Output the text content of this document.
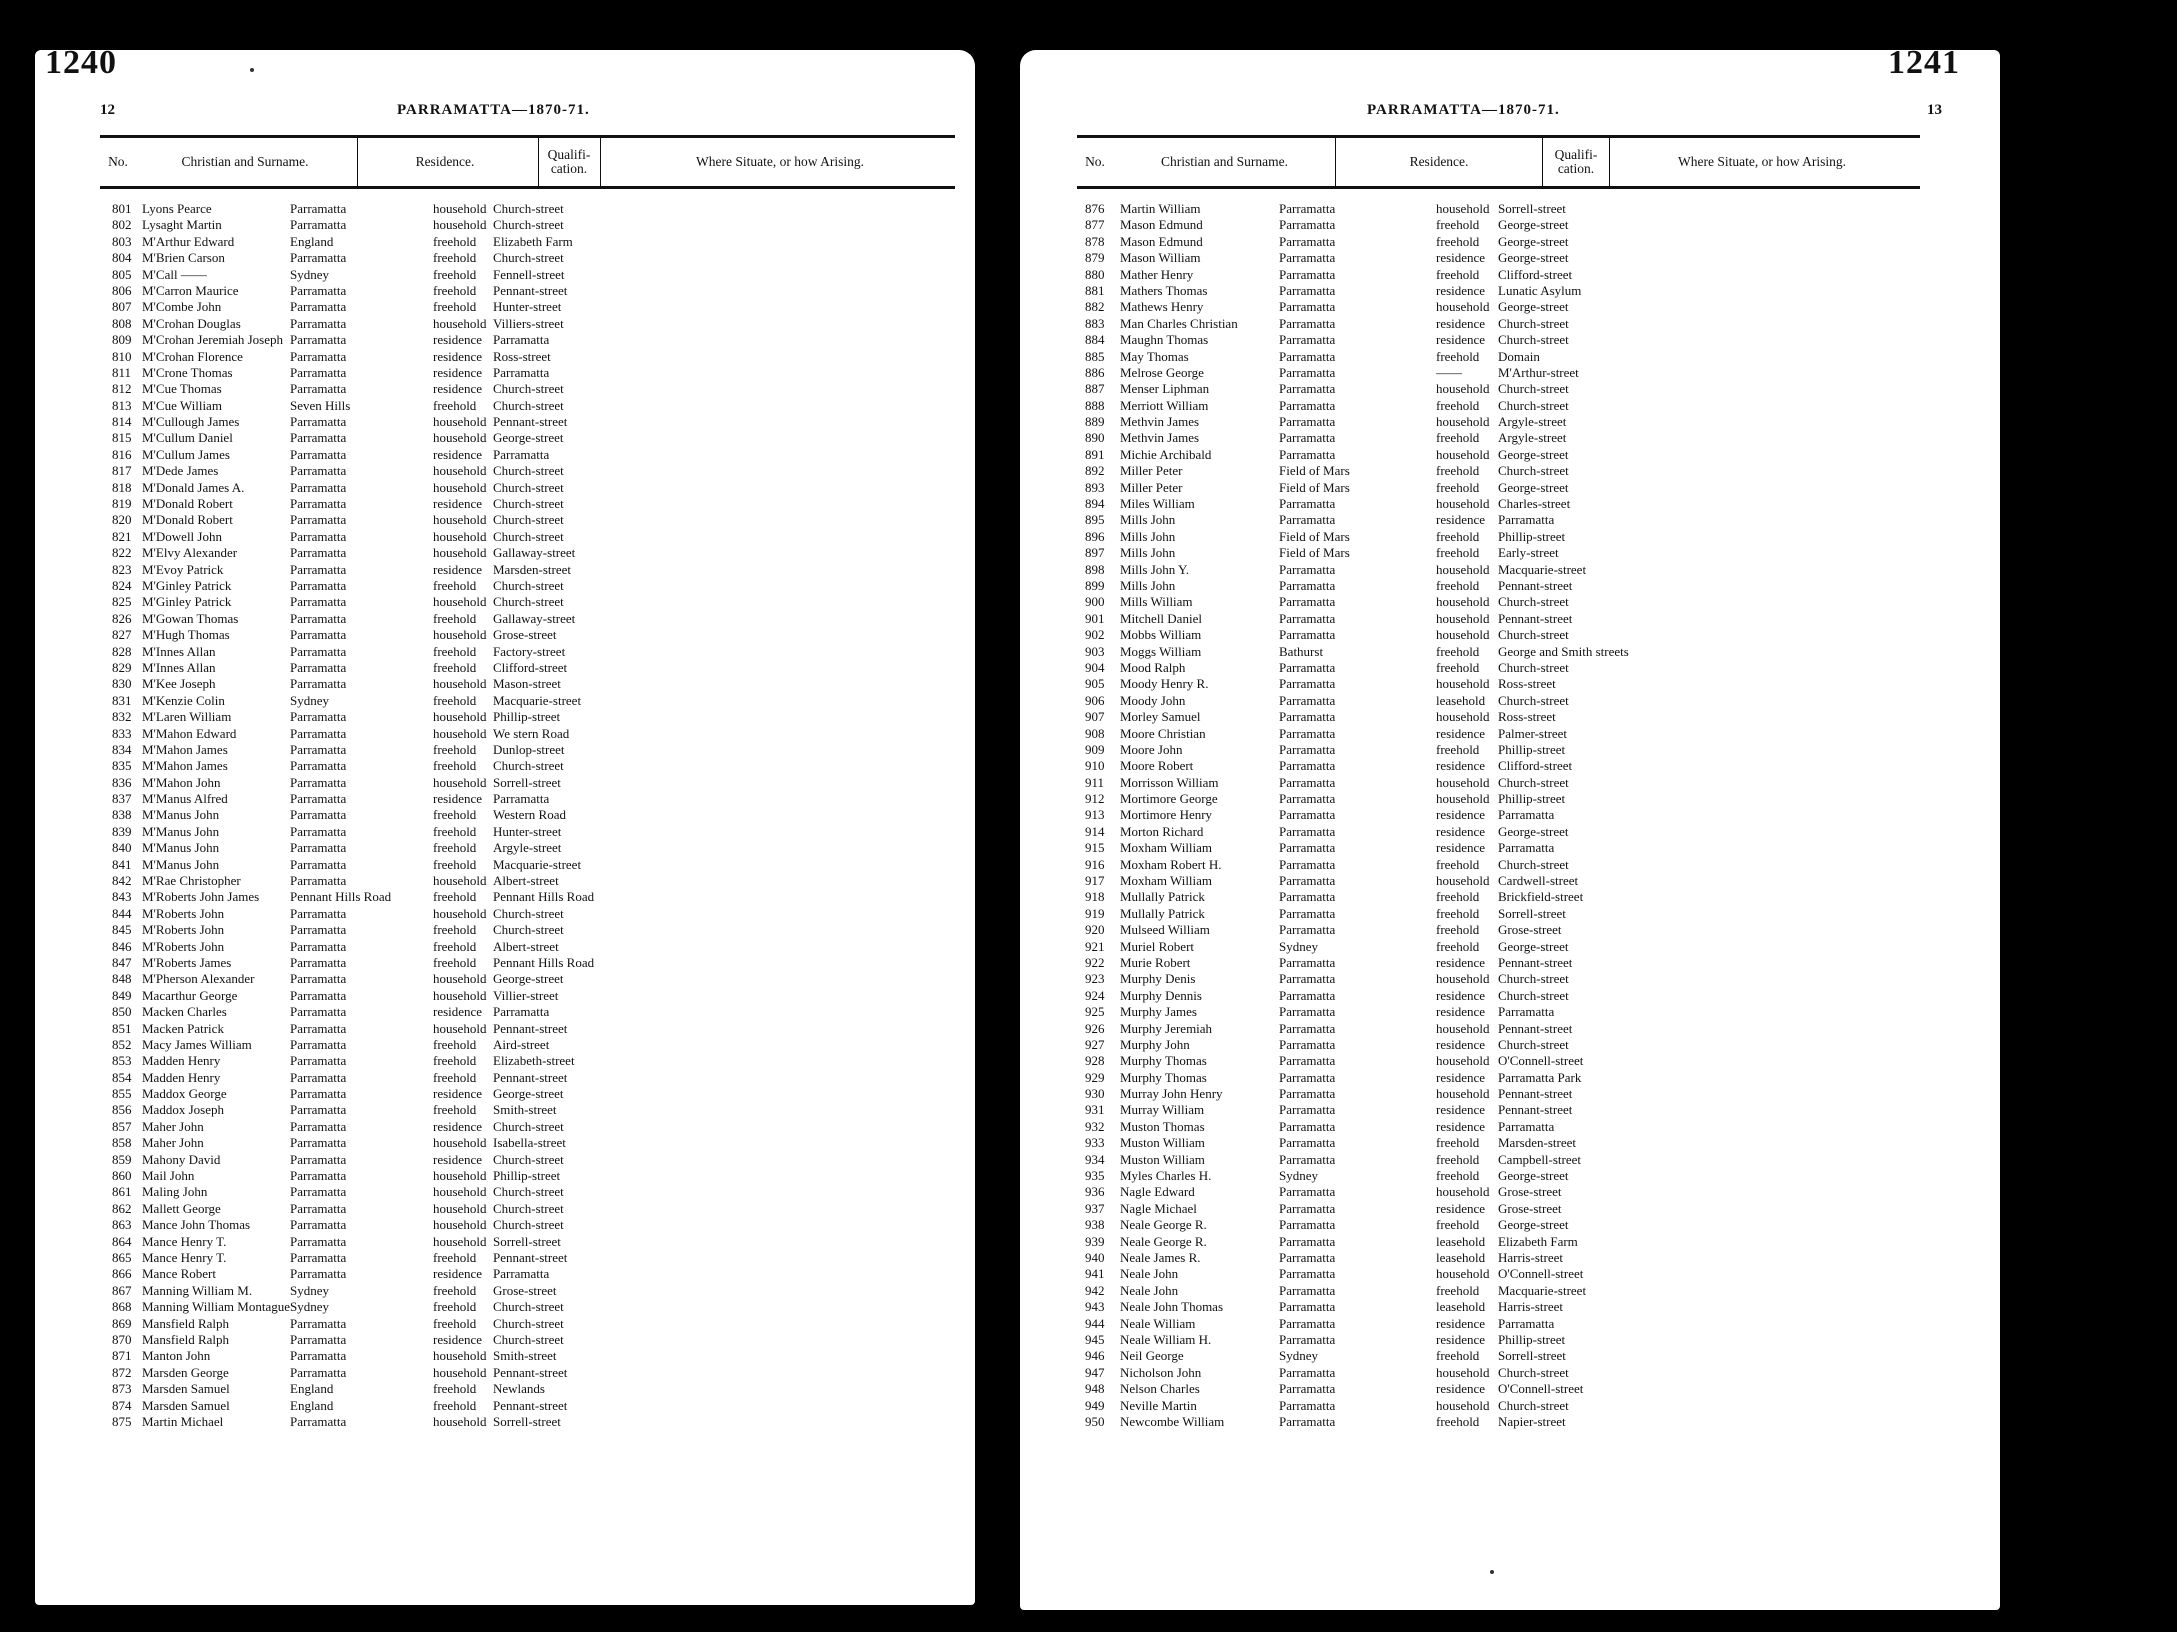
1240
12	PARRAMATTA—1870-71.
No.	Christian and Surname.	Residence.	Qualifi-cation.	Where Situate, or how Arising.
801 Lyons Pearce	Parramatta	household Church-street
802 Lysaght Martin	Parramatta	household Church-street
803 M'Arthur Edward	England	freehold Elizabeth Farm
804 M'Brien Carson	Parramatta	freehold Church-street
805 M'Call ——	Sydney	freehold Fennell-street
806 M'Carron Maurice	Parramatta	freehold Pennant-street
807 M'Combe John	Parramatta	freehold Hunter-street
808 M'Crohan Douglas	Parramatta	household Villiers-street
809 M'Crohan Jeremiah Joseph Parramatta	residence Parramatta
810 M'Crohan Florence	Parramatta	residence Ross-street
811 M'Crone Thomas	Parramatta	residence Parramatta
812 M'Cue Thomas	Parramatta	residence Church-street
813 M'Cue William	Seven Hills	freehold Church-street
814 M'Cullough James	Parramatta	household Pennant-street
815 M'Cullum Daniel	Parramatta	household George-street
816 M'Cullum James	Parramatta	residence Parramatta
817 M'Dede James	Parramatta	household Church-street
818 M'Donald James A.	Parramatta	household Church-street
819 M'Donald Robert	Parramatta	residence Church-street
820 M'Donald Robert	Parramatta	household Church-street
821 M'Dowell John	Parramatta	household Church-street
822 M'Elvy Alexander	Parramatta	household Gallaway-street
823 M'Evoy Patrick	Parramatta	residence Marsden-street
824 M'Ginley Patrick	Parramatta	freehold Church-street
825 M'Ginley Patrick	Parramatta	household Church-street
826 M'Gowan Thomas	Parramatta	freehold Gallaway-street
827 M'Hugh Thomas	Parramatta	household Grose-street
828 M'Innes Allan	Parramatta	freehold Factory-street
829 M'Innes Allan	Parramatta	freehold Clifford-street
830 M'Kee Joseph	Parramatta	household Mason-street
831 M'Kenzie Colin	Sydney	freehold Macquarie-street
832 M'Laren William	Parramatta	household Phillip-street
833 M'Mahon Edward	Parramatta	household We stern Road
834 M'Mahon James	Parramatta	freehold Dunlop-street
835 M'Mahon James	Parramatta	freehold Church-street
836 M'Mahon John	Parramatta	household Sorrell-street
837 M'Manus Alfred	Parramatta	residence Parramatta
838 M'Manus John	Parramatta	freehold Western Road
839 M'Manus John	Parramatta	freehold Hunter-street
840 M'Manus John	Parramatta	freehold Argyle-street
841 M'Manus John	Parramatta	freehold Macquarie-street
842 M'Rae Christopher	Parramatta	household Albert-street
843 M'Roberts John James Pennant Hills Road	freehold Pennant Hills Road
844 M'Roberts John	Parramatta	household Church-street
845 M'Roberts John	Parramatta	freehold Church-street
846 M'Roberts John	Parramatta	freehold Albert-street
847 M'Roberts James	Parramatta	freehold Pennant Hills Road
848 M'Pherson Alexander	Parramatta	household George-street
849 Macarthur George	Parramatta	household Villier-street
850 Macken Charles	Parramatta	residence Parramatta
851 Macken Patrick	Parramatta	household Pennant-street
852 Macy James William	Parramatta	freehold Aird-street
853 Madden Henry	Parramatta	freehold Elizabeth-street
854 Madden Henry	Parramatta	freehold Pennant-street
855 Maddox George	Parramatta	residence George-street
856 Maddox Joseph	Parramatta	freehold Smith-street
857 Maher John	Parramatta	residence Church-street
858 Maher John	Parramatta	household Isabella-street
859 Mahony David	Parramatta	residence Church-street
860 Mail John	Parramatta	household Phillip-street
861 Maling John	Parramatta	household Church-street
862 Mallett George	Parramatta	household Church-street
863 Mance John Thomas	Parramatta	household Church-street
864 Mance Henry T.	Parramatta	household Sorrell-street
865 Mance Henry T.	Parramatta	freehold Pennant-street
866 Mance Robert	Parramatta	residence Parramatta
867 Manning William M.	Sydney	freehold Grose-street
868 Manning William Montague Sydney	freehold Church-street
869 Mansfield Ralph	Parramatta	freehold Church-street
870 Mansfield Ralph	Parramatta	residence Church-street
871 Manton John	Parramatta	household Smith-street
872 Marsden George	Parramatta	household Pennant-street
873 Marsden Samuel	England	freehold Newlands
874 Marsden Samuel	England	freehold Pennant-street
875 Martin Michael	Parramatta	household Sorrell-street
1241
13
PARRAMATTA—1870-71.
No.	Christian and Surname.	Residence.	Qualifi-cation.	Where Situate, or how Arising.
876 Martin William	Parramatta	household Sorrell-street
877 Mason Edmund	Parramatta	freehold George-street
878 Mason Edmund	Parramatta	freehold George-street
879 Mason William	Parramatta	residence George-street
880 Mather Henry	Parramatta	freehold Clifford-street
881 Mathers Thomas	Parramatta	residence Lunatic Asylum
882 Mathews Henry	Parramatta	household George-street
883 Man Charles Christian	Parramatta	residence Church-street
884 Maughn Thomas	Parramatta	residence Church-street
885 May Thomas	Parramatta	freehold Domain
886 Melrose George	Parramatta	——	M'Arthur-street
887 Menser Liphman	Parramatta	household Church-street
888 Merriott William	Parramatta	freehold Church-street
889 Methvin James	Parramatta	household Argyle-street
890 Methvin James	Parramatta	freehold Argyle-street
891 Michie Archibald	Parramatta	household George-street
892 Miller Peter	Field of Mars	freehold Church-street
893 Miller Peter	Field of Mars	freehold George-street
894 Miles William	Parramatta	household Charles-street
895 Mills John	Parramatta	residence Parramatta
896 Mills John	Field of Mars	freehold Phillip-street
897 Mills John	Field of Mars	freehold Early-street
898 Mills John Y.	Parramatta	household Macquarie-street
899 Mills John	Parramatta	freehold Pennant-street
900 Mills William	Parramatta	household Church-street
901 Mitchell Daniel	Parramatta	household Pennant-street
902 Mobbs William	Parramatta	household Church-street
903 Moggs William	Bathurst	freehold George and Smith streets
904 Mood Ralph	Parramatta	freehold Church-street
905 Moody Henry R.	Parramatta	household Ross-street
906 Moody John	Parramatta	leasehold Church-street
907 Morley Samuel	Parramatta	household Ross-street
908 Moore Christian	Parramatta	residence Palmer-street
909 Moore John	Parramatta	freehold Phillip-street
910 Moore Robert	Parramatta	residence Clifford-street
911 Morrisson William	Parramatta	household Church-street
912 Mortimore George	Parramatta	household Phillip-street
913 Mortimore Henry	Parramatta	residence Parramatta
914 Morton Richard	Parramatta	residence George-street
915 Moxham William	Parramatta	residence Parramatta
916 Moxham Robert H.	Parramatta	freehold Church-street
917 Moxham William	Parramatta	household Cardwell-street
918 Mullally Patrick	Parramatta	freehold Brickfield-street
919 Mullally Patrick	Parramatta	freehold Sorrell-street
920 Mulseed William	Parramatta	freehold Grose-street
921 Muriel Robert	Sydney	freehold George-street
922 Murie Robert	Parramatta	residence Pennant-street
923 Murphy Denis	Parramatta	household Church-street
924 Murphy Dennis	Parramatta	residence Church-street
925 Murphy James	Parramatta	residence Parramatta
926 Murphy Jeremiah	Parramatta	household Pennant-street
927 Murphy John	Parramatta	residence Church-street
928 Murphy Thomas	Parramatta	household O'Connell-street
929 Murphy Thomas	Parramatta	residence Parramatta Park
930 Murray John Henry	Parramatta	household Pennant-street
931 Murray William	Parramatta	residence Pennant-street
932 Muston Thomas	Parramatta	residence Parramatta
933 Muston William	Parramatta	freehold Marsden-street
934 Muston William	Parramatta	freehold Campbell-street
935 Myles Charles H.	Sydney	freehold George-street
936 Nagle Edward	Parramatta	household Grose-street
937 Nagle Michael	Parramatta	residence Grose-street
938 Neale George R.	Parramatta	freehold George-street
939 Neale George R.	Parramatta	leasehold Elizabeth Farm
940 Neale James R.	Parramatta	leasehold Harris-street
941 Neale John	Parramatta	household O'Connell-street
942 Neale John	Parramatta	freehold Macquarie-street
943 Neale John Thomas	Parramatta	leasehold Harris-street
944 Neale William	Parramatta	residence Parramatta
945 Neale William H.	Parramatta	residence Phillip-street
946 Neil George	Sydney	freehold Sorrell-street
947 Nicholson John	Parramatta	household Church-street
948 Nelson Charles	Parramatta	residence O'Connell-street
949 Neville Martin	Parramatta	household Church-street
950 Newcombe William	Parramatta	freehold Napier-street
